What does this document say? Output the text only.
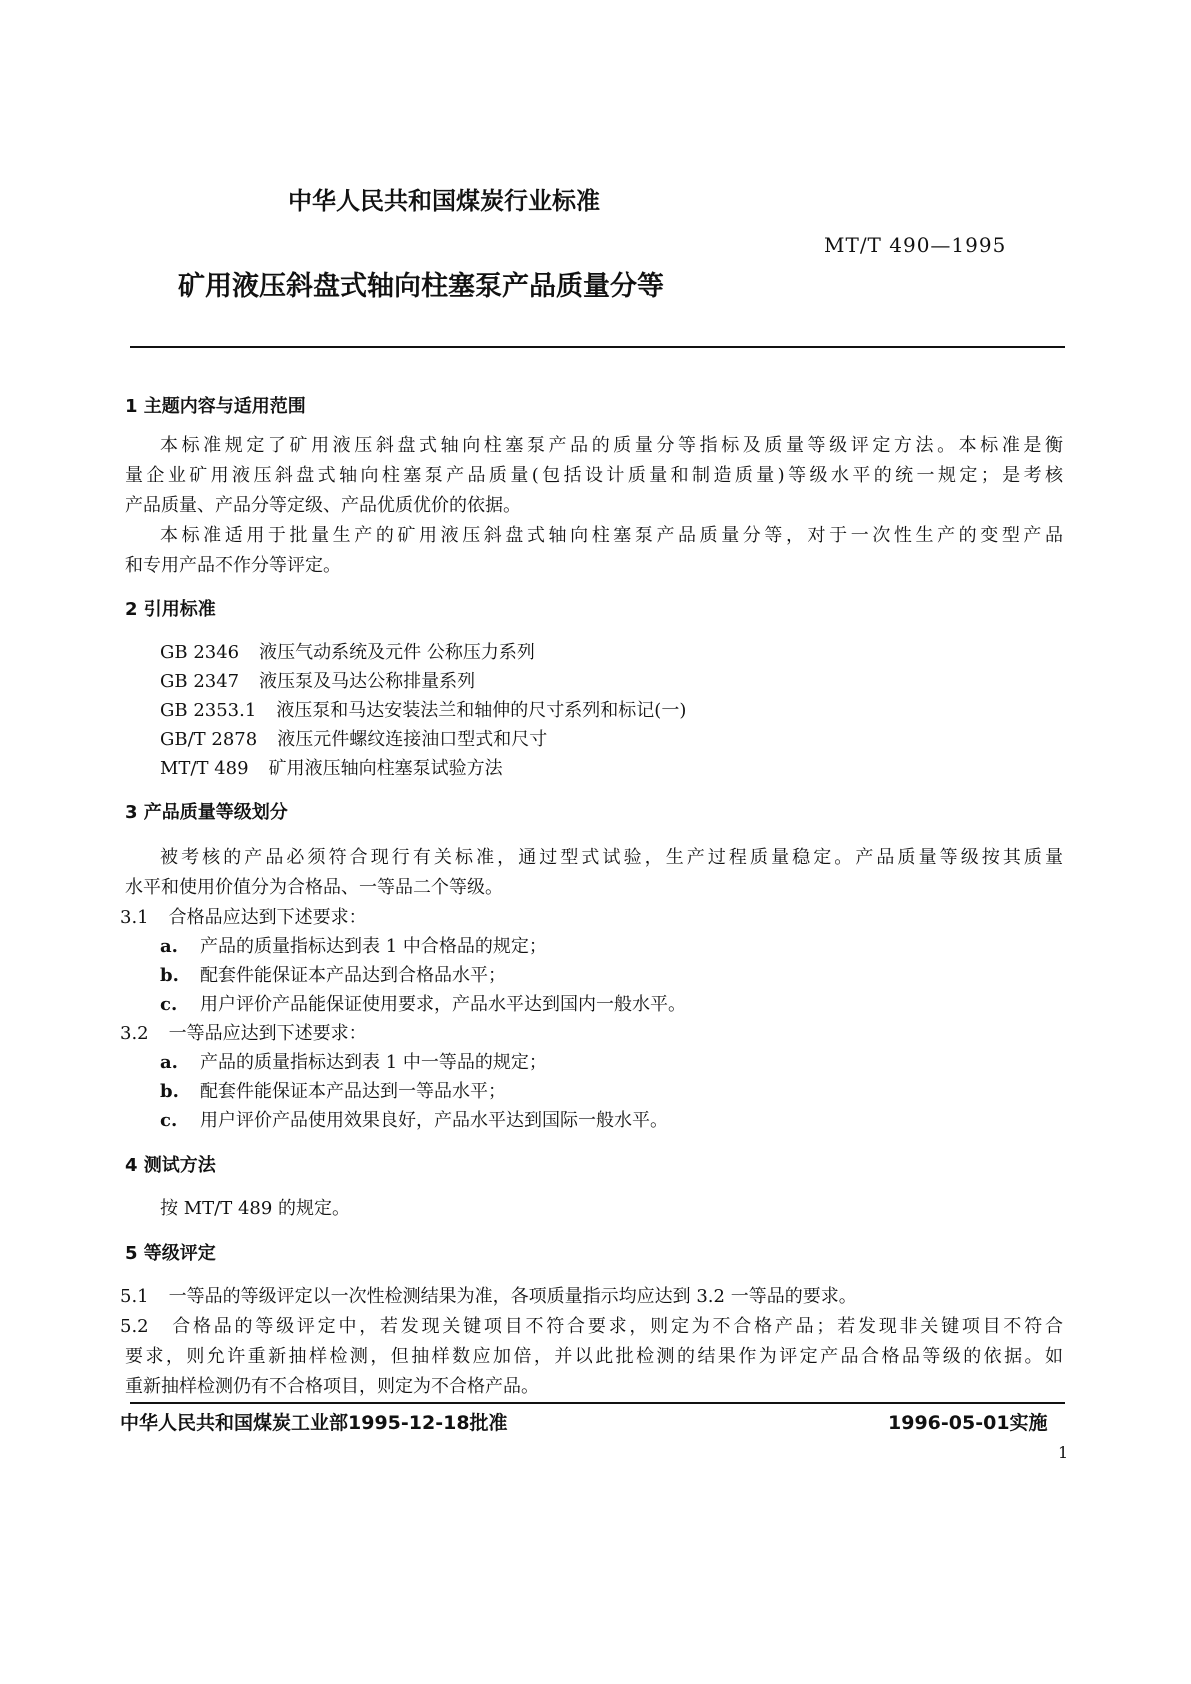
中华人民共和国煤炭行业标准
MT/T 490—1995
矿用液压斜盘式轴向柱塞泵产品质量分等
1 主题内容与适用范围
本标准规定了矿用液压斜盘式轴向柱塞泵产品的质量分等指标及质量等级评定方法。本标准是衡
量企业矿用液压斜盘式轴向柱塞泵产品质量(包括设计质量和制造质量)等级水平的统一规定；是考核
产品质量、产品分等定级、产品优质优价的依据。
本标准适用于批量生产的矿用液压斜盘式轴向柱塞泵产品质量分等，对于一次性生产的变型产品
和专用产品不作分等评定。
2 引用标准
GB 2346 液压气动系统及元件 公称压力系列
GB 2347 液压泵及马达公称排量系列
GB 2353.1 液压泵和马达安装法兰和轴伸的尺寸系列和标记(一)
GB/T 2878 液压元件螺纹连接油口型式和尺寸
MT/T 489 矿用液压轴向柱塞泵试验方法
3 产品质量等级划分
被考核的产品必须符合现行有关标准，通过型式试验，生产过程质量稳定。产品质量等级按其质量
水平和使用价值分为合格品、一等品二个等级。
3.1 合格品应达到下述要求：
a. 产品的质量指标达到表 1 中合格品的规定；
b. 配套件能保证本产品达到合格品水平；
c. 用户评价产品能保证使用要求，产品水平达到国内一般水平。
3.2 一等品应达到下述要求：
a. 产品的质量指标达到表 1 中一等品的规定；
b. 配套件能保证本产品达到一等品水平；
c. 用户评价产品使用效果良好，产品水平达到国际一般水平。
4 测试方法
按 MT/T 489 的规定。
5 等级评定
5.1 一等品的等级评定以一次性检测结果为准，各项质量指示均应达到 3.2 一等品的要求。
5.2　 合格品的等级评定中，若发现关键项目不符合要求，则定为不合格产品；若发现非关键项目不符合
要求，则允许重新抽样检测，但抽样数应加倍，并以此批检测的结果作为评定产品合格品等级的依据。如
重新抽样检测仍有不合格项目，则定为不合格产品。
中华人民共和国煤炭工业部1995-12-18批准	1996-05-01实施
1
